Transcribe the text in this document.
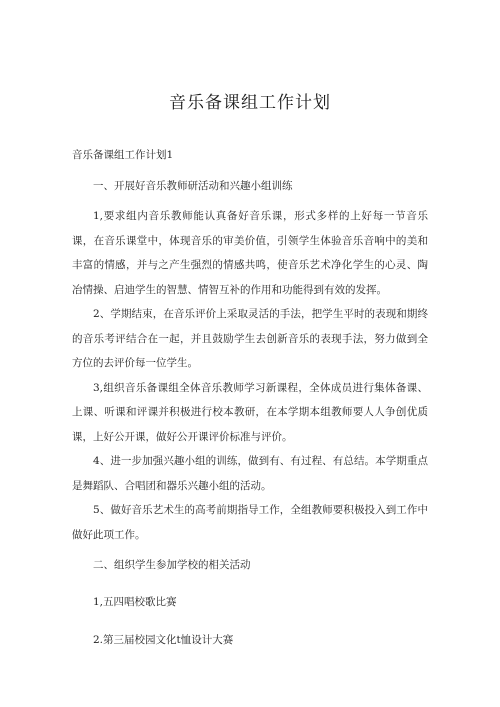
音乐备课组工作计划

音乐备课组工作计划1

一、开展好音乐教师研活动和兴趣小组训练

1,要求组内音乐教师能认真备好音乐课，形式多样的上好每一节音乐课，在音乐课堂中，体现音乐的审美价值，引领学生体验音乐音响中的美和丰富的情感，并与之产生强烈的情感共鸣，使音乐艺术净化学生的心灵、陶冶情操、启迪学生的智慧、情智互补的作用和功能得到有效的发挥。

2、学期结束，在音乐评价上采取灵活的手法，把学生平时的表现和期终的音乐考评结合在一起，并且鼓励学生去创新音乐的表现手法，努力做到全方位的去评价每一位学生。

3,组织音乐备课组全体音乐教师学习新课程，全体成员进行集体备课、上课、听课和评课并积极进行校本教研，在本学期本组教师要人人争创优质课，上好公开课，做好公开课评价标准与评价。

4、进一步加强兴趣小组的训练，做到有、有过程、有总结。本学期重点是舞蹈队、合唱团和器乐兴趣小组的活动。

5、做好音乐艺术生的高考前期指导工作，全组教师要积极投入到工作中做好此项工作。

二、组织学生参加学校的相关活动

1,五四唱校歌比赛

2.第三届校园文化t恤设计大赛
